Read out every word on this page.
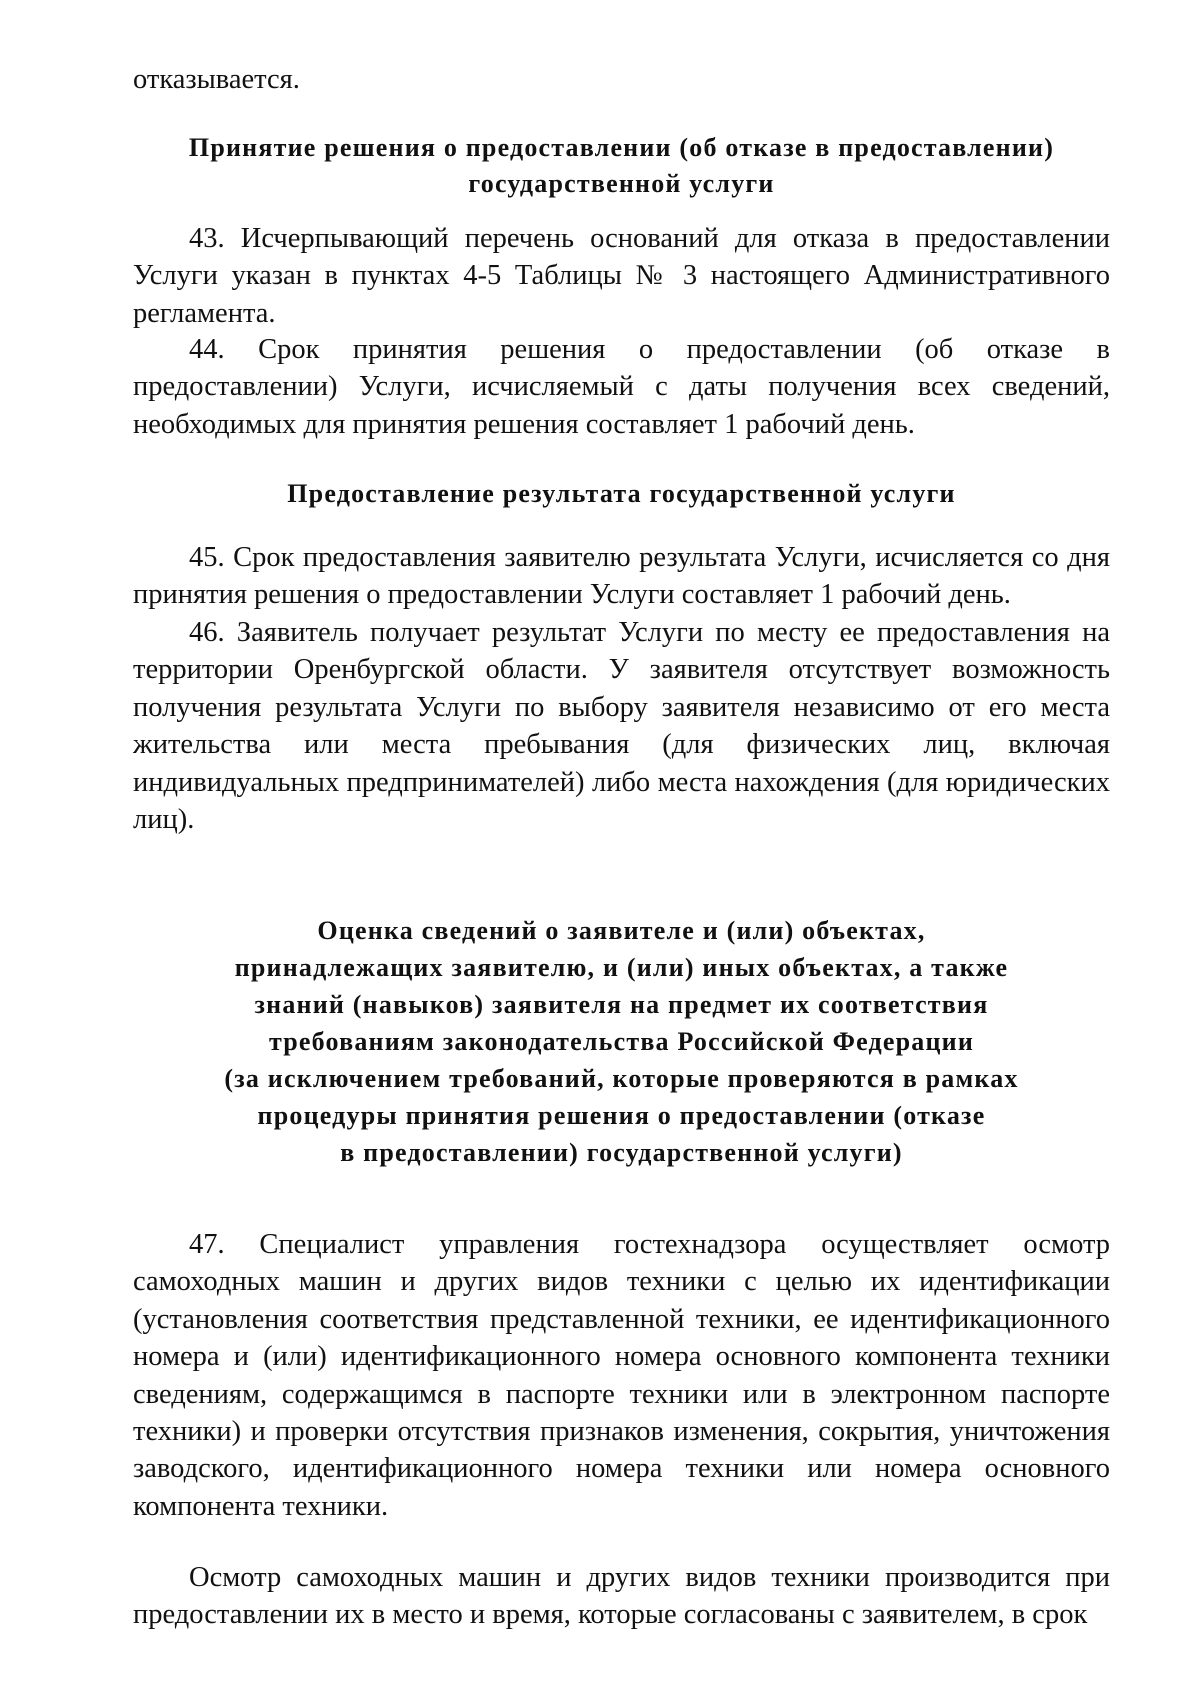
отказывается.

Принятие решения о предоставлении (об отказе в предоставлении)
государственной услуги

43. Исчерпывающий перечень оснований для отказа в предоставлении Услуги указан в пунктах 4-5 Таблицы № 3 настоящего Административного регламента.

44. Срок принятия решения о предоставлении (об отказе в предоставлении) Услуги, исчисляемый с даты получения всех сведений, необходимых для принятия решения составляет 1 рабочий день.

Предоставление результата государственной услуги

45. Срок предоставления заявителю результата Услуги, исчисляется со дня принятия решения о предоставлении Услуги составляет 1 рабочий день.

46. Заявитель получает результат Услуги по месту ее предоставления на территории Оренбургской области. У заявителя отсутствует возможность получения результата Услуги по выбору заявителя независимо от его места жительства или места пребывания (для физических лиц, включая индивидуальных предпринимателей) либо места нахождения (для юридических лиц).

Оценка сведений о заявителе и (или) объектах,
принадлежащих заявителю, и (или) иных объектах, а также
знаний (навыков) заявителя на предмет их соответствия
требованиям законодательства Российской Федерации
(за исключением требований, которые проверяются в рамках
процедуры принятия решения о предоставлении (отказе
в предоставлении) государственной услуги)

47. Специалист управления гостехнадзора осуществляет осмотр самоходных машин и других видов техники с целью их идентификации (установления соответствия представленной техники, ее идентификационного номера и (или) идентификационного номера основного компонента техники сведениям, содержащимся в паспорте техники или в электронном паспорте техники) и проверки отсутствия признаков изменения, сокрытия, уничтожения заводского, идентификационного номера техники или номера основного компонента техники.

Осмотр самоходных машин и других видов техники производится при предоставлении их в место и время, которые согласованы с заявителем, в срок
